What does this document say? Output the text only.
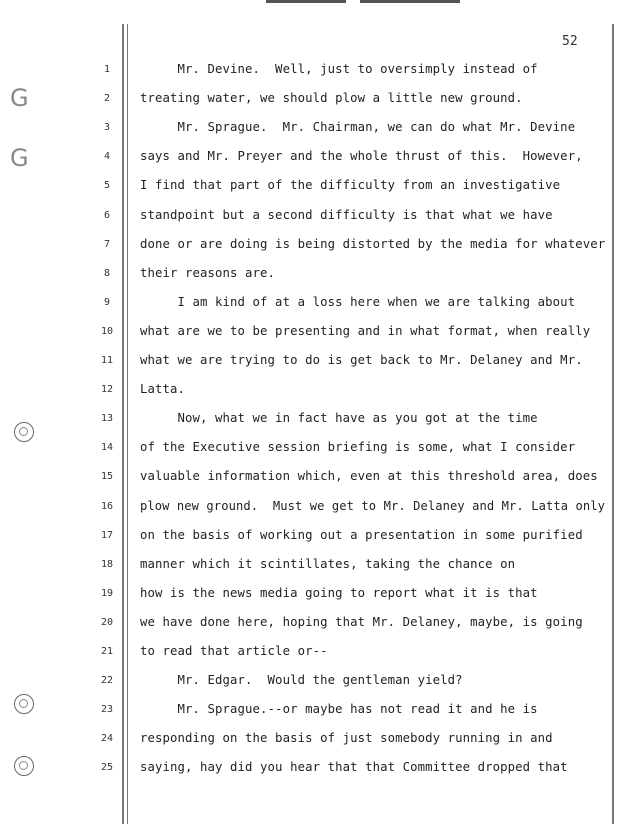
52
G
G
1
2
3
4
5
6
7
8
9
10
11
12
13
14
15
16
17
18
19
20
21
22
23
24
25
Mr. Devine.  Well, just to oversimply instead of
treating water, we should plow a little new ground.
Mr. Sprague.  Mr. Chairman, we can do what Mr. Devine
says and Mr. Preyer and the whole thrust of this.  However,
I find that part of the difficulty from an investigative
standpoint but a second difficulty is that what we have
done or are doing is being distorted by the media for whatever
their reasons are.
I am kind of at a loss here when we are talking about
what are we to be presenting and in what format, when really
what we are trying to do is get back to Mr. Delaney and Mr.
Latta.
Now, what we in fact have as you got at the time
of the Executive session briefing is some, what I consider
valuable information which, even at this threshold area, does
plow new ground.  Must we get to Mr. Delaney and Mr. Latta only
on the basis of working out a presentation in some purified
manner which it scintillates, taking the chance on
how is the news media going to report what it is that
we have done here, hoping that Mr. Delaney, maybe, is going
to read that article or--
Mr. Edgar.  Would the gentleman yield?
Mr. Sprague.--or maybe has not read it and he is
responding on the basis of just somebody running in and
saying, hay did you hear that that Committee dropped that
